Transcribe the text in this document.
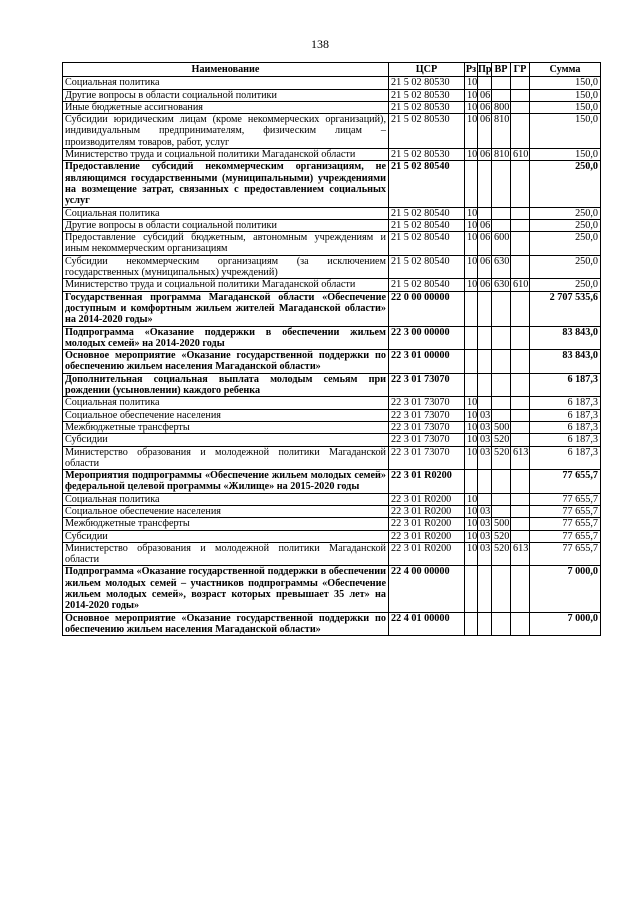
138
Наименование	ЦСР	Рз	Пр	ВР	ГР	Сумма
Социальная политика	21 5 02 80530	10				150,0
Другие вопросы в области социальной политики	21 5 02 80530	10	06			150,0
Иные бюджетные ассигнования	21 5 02 80530	10	06	800		150,0
Субсидии юридическим лицам (кроме некоммерческих организаций), индивидуальным предпринимателям, физическим лицам – производителям товаров, работ, услуг	21 5 02 80530	10	06	810		150,0
Министерство труда и социальной политики Магаданской области	21 5 02 80530	10	06	810	610	150,0
Предоставление субсидий некоммерческим организациям, не являющимся государственными (муниципальными) учреждениями на возмещение затрат, связанных с предоставлением социальных услуг	21 5 02 80540					250,0
Социальная политика	21 5 02 80540	10				250,0
Другие вопросы в области социальной политики	21 5 02 80540	10	06			250,0
Предоставление субсидий бюджетным, автономным учреждениям и иным некоммерческим организациям	21 5 02 80540	10	06	600		250,0
Субсидии некоммерческим организациям (за исключением государственных (муниципальных) учреждений)	21 5 02 80540	10	06	630		250,0
Министерство труда и социальной политики Магаданской области	21 5 02 80540	10	06	630	610	250,0
Государственная программа Магаданской области «Обеспечение доступным и комфортным жильем жителей Магаданской области» на 2014-2020 годы»	22 0 00 00000					2 707 535,6
Подпрограмма «Оказание поддержки в обеспечении жильем молодых семей» на 2014-2020 годы	22 3 00 00000					83 843,0
Основное мероприятие «Оказание государственной поддержки по обеспечению жильем населения Магаданской области»	22 3 01 00000					83 843,0
Дополнительная социальная выплата молодым семьям при рождении (усыновлении) каждого ребенка	22 3 01 73070					6 187,3
Социальная политика	22 3 01 73070	10				6 187,3
Социальное обеспечение населения	22 3 01 73070	10	03			6 187,3
Межбюджетные трансферты	22 3 01 73070	10	03	500		6 187,3
Субсидии	22 3 01 73070	10	03	520		6 187,3
Министерство образования и молодежной политики Магаданской области	22 3 01 73070	10	03	520	613	6 187,3
Мероприятия подпрограммы «Обеспечение жильем молодых семей» федеральной целевой программы «Жилище» на 2015-2020 годы	22 3 01 R0200					77 655,7
Социальная политика	22 3 01 R0200	10				77 655,7
Социальное обеспечение населения	22 3 01 R0200	10	03			77 655,7
Межбюджетные трансферты	22 3 01 R0200	10	03	500		77 655,7
Субсидии	22 3 01 R0200	10	03	520		77 655,7
Министерство образования и молодежной политики Магаданской области	22 3 01 R0200	10	03	520	613	77 655,7
Подпрограмма «Оказание государственной поддержки в обеспечении жильем молодых семей – участников подпрограммы «Обеспечение жильем молодых семей», возраст которых превышает 35 лет» на 2014-2020 годы»	22 4 00 00000					7 000,0
Основное мероприятие «Оказание государственной поддержки по обеспечению жильем населения Магаданской области»	22 4 01 00000					7 000,0
